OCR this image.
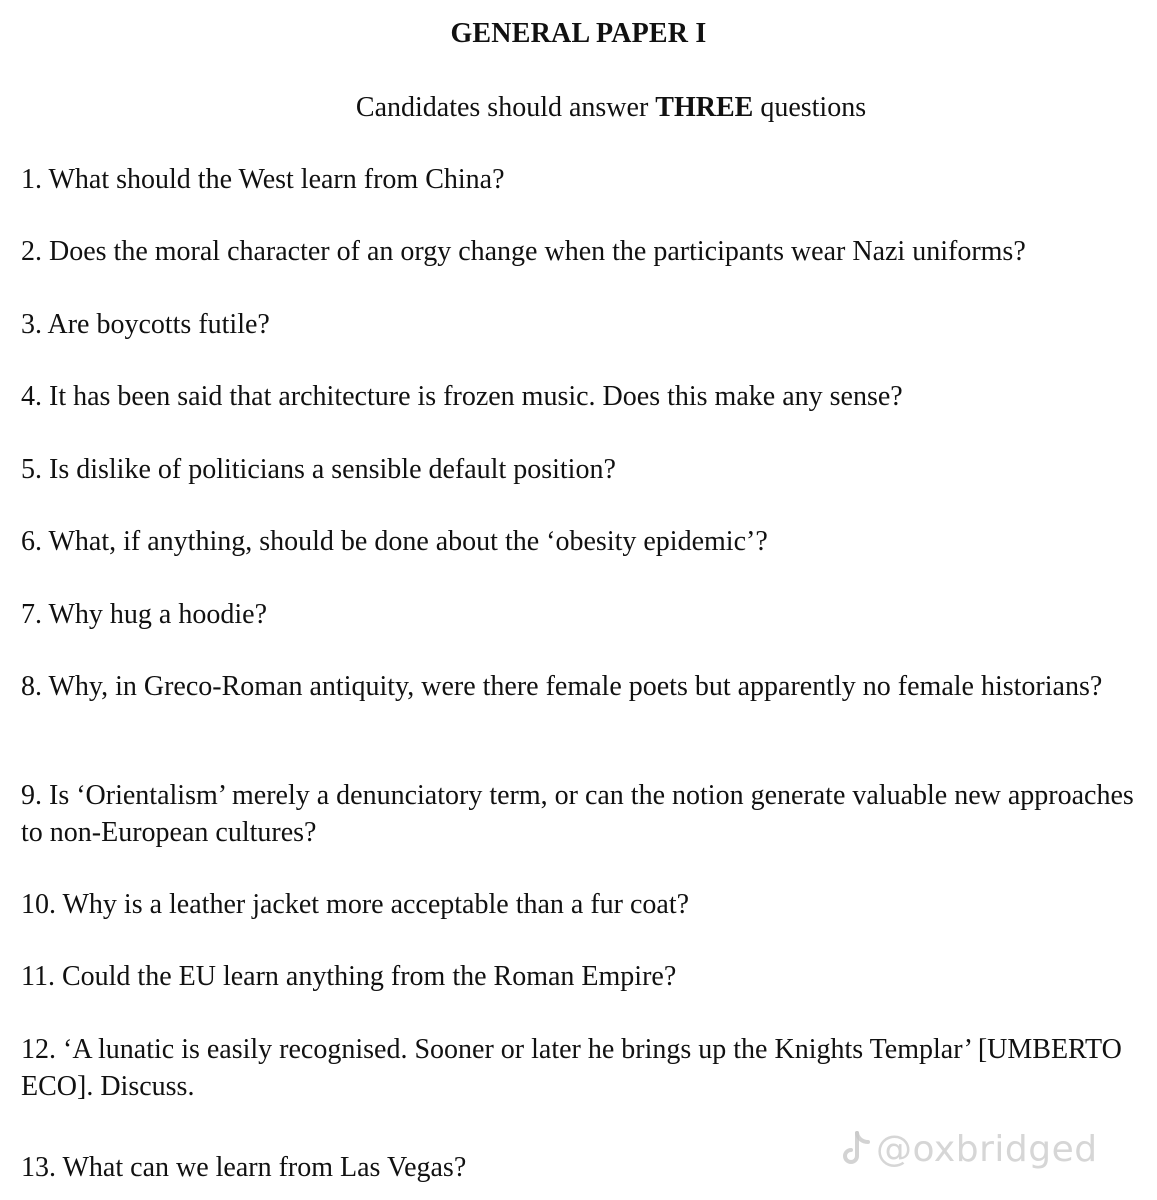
GENERAL PAPER I
Candidates should answer THREE questions
1. What should the West learn from China?
2. Does the moral character of an orgy change when the participants wear Nazi uniforms?
3. Are boycotts futile?
4. It has been said that architecture is frozen music. Does this make any sense?
5. Is dislike of politicians a sensible default position?
6. What, if anything, should be done about the ‘obesity epidemic’?
7. Why hug a hoodie?
8. Why, in Greco-Roman antiquity, were there female poets but apparently no female historians?
9. Is ‘Orientalism’ merely a denunciatory term, or can the notion generate valuable new approaches to non-European cultures?
10. Why is a leather jacket more acceptable than a fur coat?
11. Could the EU learn anything from the Roman Empire?
12. ‘A lunatic is easily recognised. Sooner or later he brings up the Knights Templar’ [UMBERTO ECO]. Discuss.
13. What can we learn from Las Vegas?	@oxbridged
